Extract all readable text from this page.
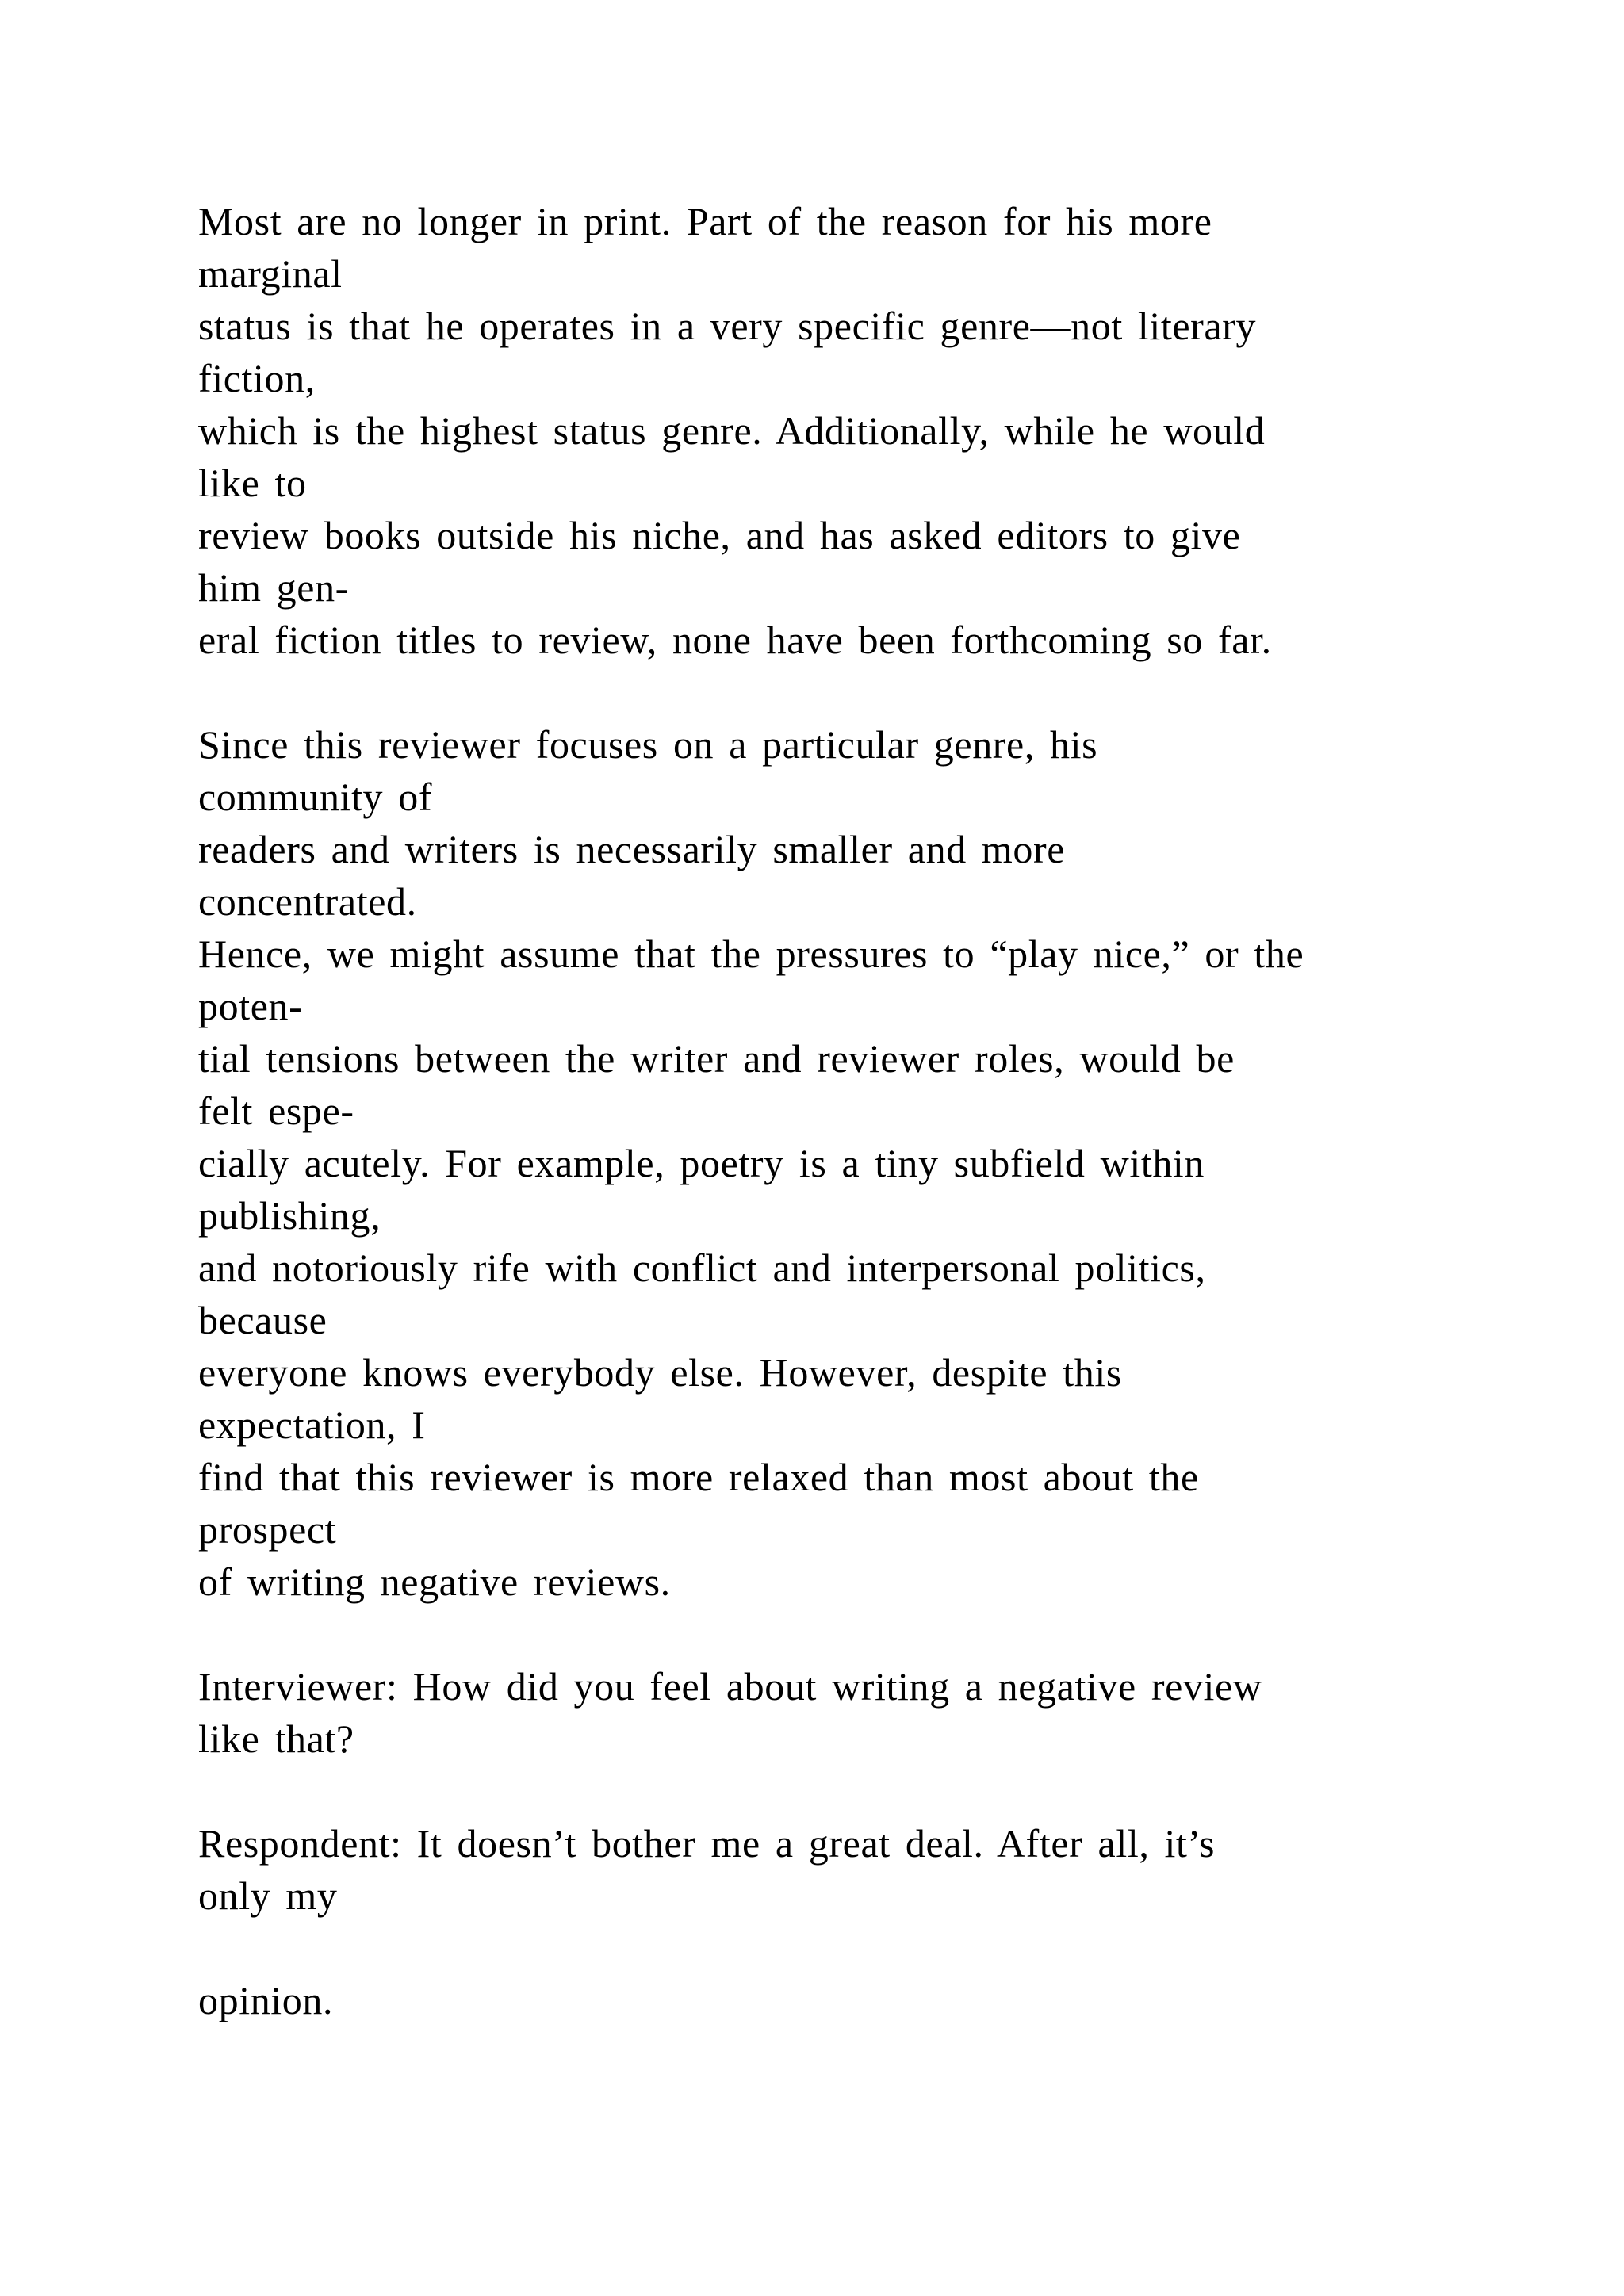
Most are no longer in print. Part of the reason for his more
marginal
status is that he operates in a very specific genre—not literary
fiction,
which is the highest status genre. Additionally, while he would
like to
review books outside his niche, and has asked editors to give
him gen-
eral fiction titles to review, none have been forthcoming so far.
Since this reviewer focuses on a particular genre, his
community of
readers and writers is necessarily smaller and more
concentrated.
Hence, we might assume that the pressures to “play nice,” or the
poten-
tial tensions between the writer and reviewer roles, would be
felt espe-
cially acutely. For example, poetry is a tiny subfield within
publishing,
and notoriously rife with conflict and interpersonal politics,
because
everyone knows everybody else. However, despite this
expectation, I
find that this reviewer is more relaxed than most about the
prospect
of writing negative reviews.
Interviewer: How did you feel about writing a negative review
like that?
Respondent: It doesn’t bother me a great deal. After all, it’s
only my
opinion.
